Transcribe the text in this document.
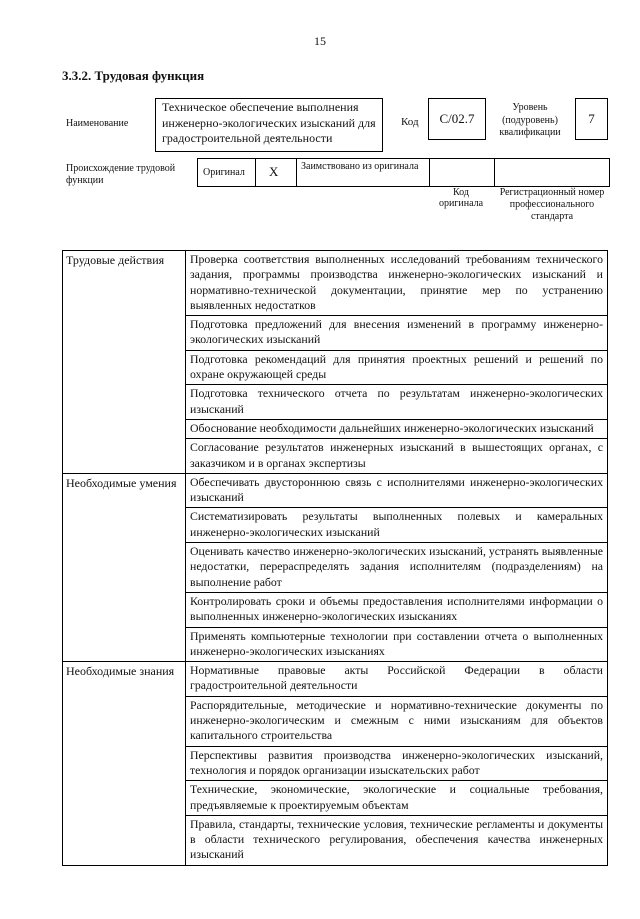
15
3.3.2. Трудовая функция
Наименование
Техническое обеспечение выполнения инженерно-экологических изысканий для градостроительной деятельности
Код C/02.7
Уровень (подуровень) квалификации
7
Происхождение трудовой функции
Оригинал X Заимствовано из оригинала
Код оригинала
Регистрационный номер профессионального стандарта
Трудовые действия	Проверка соответствия выполненных исследований требованиям технического задания, программы производства инженерно-экологических изысканий и нормативно-технической документации, принятие мер по устранению выявленных недостатков
Подготовка предложений для внесения изменений в программу инженерно-экологических изысканий
Подготовка рекомендаций для принятия проектных решений и решений по охране окружающей среды
Подготовка технического отчета по результатам инженерно-экологических изысканий
Обоснование необходимости дальнейших инженерно-экологических изысканий
Согласование результатов инженерных изысканий в вышестоящих органах, с заказчиком и в органах экспертизы
Необходимые умения	Обеспечивать двустороннюю связь с исполнителями инженерно-экологических изысканий
Систематизировать результаты выполненных полевых и камеральных инженерно-экологических изысканий
Оценивать качество инженерно-экологических изысканий, устранять выявленные недостатки, перераспределять задания исполнителям (подразделениям) на выполнение работ
Контролировать сроки и объемы предоставления исполнителями информации о выполненных инженерно-экологических изысканиях
Применять компьютерные технологии при составлении отчета о выполненных инженерно-экологических изысканиях
Необходимые знания	Нормативные правовые акты Российской Федерации в области градостроительной деятельности
Распорядительные, методические и нормативно-технические документы по инженерно-экологическим и смежным с ними изысканиям для объектов капитального строительства
Перспективы развития производства инженерно-экологических изысканий, технология и порядок организации изыскательских работ
Технические, экономические, экологические и социальные требования, предъявляемые к проектируемым объектам
Правила, стандарты, технические условия, технические регламенты и документы в области технического регулирования, обеспечения качества инженерных изысканий
